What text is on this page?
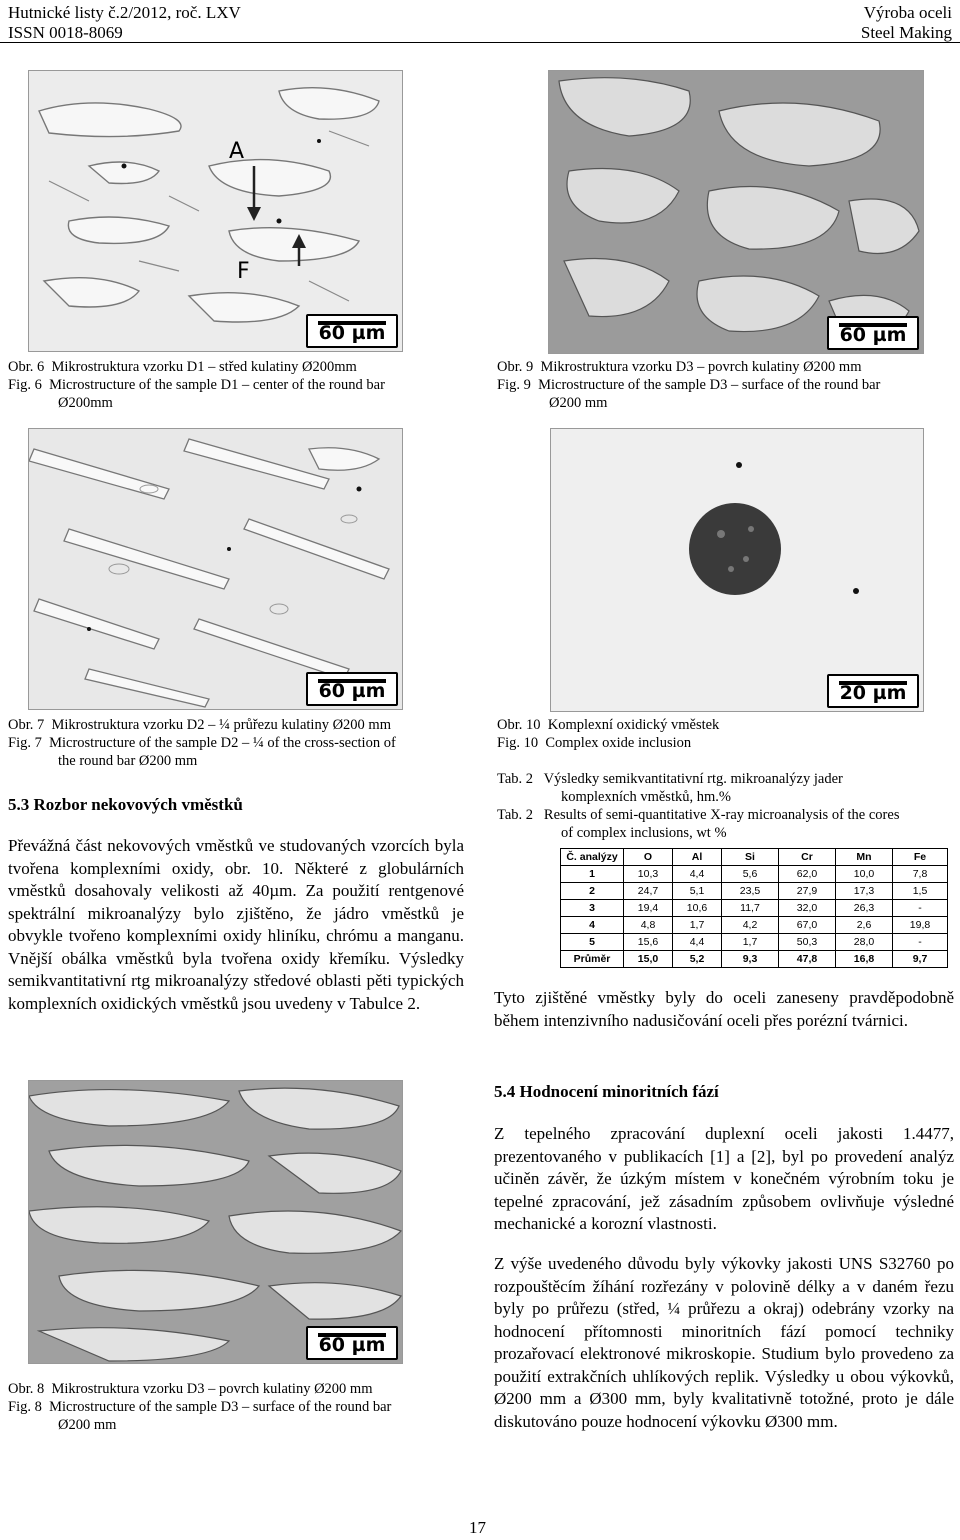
Hutnické listy č.2/2012, roč. LXV
ISSN 0018-8069
Výroba oceli
Steel Making
A
F
60 µm
Obr. 6 Mikrostruktura vzorku D1 – střed kulatiny Ø200mm
Fig. 6 Microstructure of the sample D1 – center of the round bar
Ø200mm
60 µm
Obr. 9 Mikrostruktura vzorku D3 – povrch kulatiny Ø200 mm
Fig. 9 Microstructure of the sample D3 – surface of the round bar
Ø200 mm
60 µm
Obr. 7 Mikrostruktura vzorku D2 – ¼ průřezu kulatiny Ø200 mm
Fig. 7 Microstructure of the sample D2 – ¼ of the cross-section of
the round bar Ø200 mm
20 µm
Obr. 10 Komplexní oxidický vměstek
Fig. 10 Complex oxide inclusion
5.3 Rozbor nekovových vměstků
Převážná část nekovových vměstků ve studovaných vzorcích byla tvořena komplexními oxidy, obr. 10. Některé z globulárních vměstků dosahovaly velikosti až 40µm. Za použití rentgenové spektrální mikroanalýzy bylo zjištěno, že jádro vměstků je obvykle tvořeno komplexními oxidy hliníku, chrómu a manganu. Vnější obálka vměstků byla tvořena oxidy křemíku. Výsledky semikvantitativní rtg mikroanalýzy středové oblasti pěti typických komplexních oxidických vměstků jsou uvedeny v Tabulce 2.
Tab. 2 Výsledky semikvantitativní rtg. mikroanalýzy jader
komplexních vměstků, hm.%
Tab. 2 Results of semi-quantitative X-ray microanalysis of the cores
of complex inclusions, wt %
Č. analýzy	O	Al	Si	Cr	Mn	Fe
1	10,3	4,4	5,6	62,0	10,0	7,8
2	24,7	5,1	23,5	27,9	17,3	1,5
3	19,4	10,6	11,7	32,0	26,3	-
4	4,8	1,7	4,2	67,0	2,6	19,8
5	15,6	4,4	1,7	50,3	28,0	-
Průměr	15,0	5,2	9,3	47,8	16,8	9,7
Tyto zjištěné vměstky byly do oceli zaneseny pravděpodobně během intenzivního nadusičování oceli přes porézní tvárnici.
5.4 Hodnocení minoritních fází
Z tepelného zpracování duplexní oceli jakosti 1.4477, prezentovaného v publikacích [1] a [2], byl po provedení analýz učiněn závěr, že úzkým místem v konečném výrobním toku je tepelné zpracování, jež zásadním způsobem ovlivňuje výsledné mechanické a korozní vlastnosti.
Z výše uvedeného důvodu byly výkovky jakosti UNS S32760 po rozpouštěcím žíhání rozřezány v polovině délky a v daném řezu byly po průřezu (střed, ¼ průřezu a okraj) odebrány vzorky na hodnocení přítomnosti minoritních fází pomocí techniky prozařovací elektronové mikroskopie. Studium bylo provedeno za použití extrakčních uhlíkových replik. Výsledky u obou výkovků, Ø200 mm a Ø300 mm, byly kvalitativně totožné, proto je dále diskutováno pouze hodnocení výkovku Ø300 mm.
60 µm
Obr. 8 Mikrostruktura vzorku D3 – povrch kulatiny Ø200 mm
Fig. 8 Microstructure of the sample D3 – surface of the round bar
Ø200 mm
17
